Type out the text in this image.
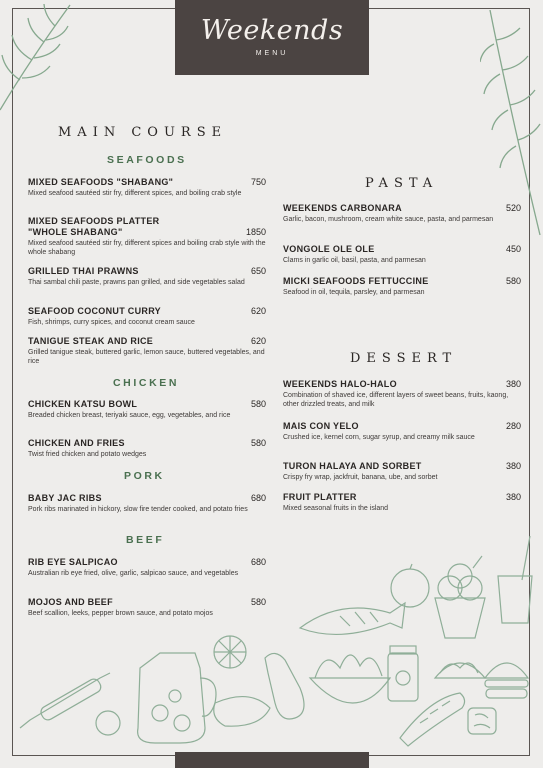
Weekends
MENU
MAIN COURSE
SEAFOODS
MIXED SEAFOODS "SHABANG"	750
Mixed seafood sautéed stir fry, different spices, and boiling crab style
MIXED SEAFOODS PLATTER
"WHOLE SHABANG"	1850
Mixed seafood sautéed stir fry, different spices and boiling crab style with the whole shabang
GRILLED THAI PRAWNS	650
Thai sambal chili paste, prawns pan grilled, and side vegetables salad
SEAFOOD COCONUT CURRY	620
Fish, shrimps, curry spices, and coconut cream sauce
TANIGUE STEAK AND RICE	620
Grilled tanigue steak, buttered garlic, lemon sauce, buttered vegetables, and rice
CHICKEN
CHICKEN KATSU BOWL	580
Breaded chicken breast, teriyaki sauce, egg, vegetables, and rice
CHICKEN AND FRIES	580
Twist fried chicken and potato wedges
PORK
BABY JAC RIBS	680
Pork ribs marinated in hickory, slow fire tender cooked, and potato fries
BEEF
RIB EYE SALPICAO	680
Australian rib eye fried, olive, garlic, salpicao sauce, and vegetables
MOJOS AND BEEF	580
Beef scallion, leeks, pepper brown sauce, and potato mojos
PASTA
WEEKENDS CARBONARA	520
Garlic, bacon, mushroom, cream white sauce, pasta, and parmesan
VONGOLE OLE OLE	450
Clams in garlic oil, basil, pasta, and parmesan
MICKI SEAFOODS FETTUCCINE	580
Seafood in oil, tequila, parsley, and parmesan
DESSERT
WEEKENDS HALO-HALO	380
Combination of shaved ice, different layers of sweet beans, fruits, kaong, other drizzled treats, and milk
MAIS CON YELO	280
Crushed ice, kernel corn, sugar syrup, and creamy milk sauce
TURON HALAYA AND SORBET	380
Crispy fry wrap, jackfruit, banana, ube, and sorbet
FRUIT PLATTER	380
Mixed seasonal fruits in the island
